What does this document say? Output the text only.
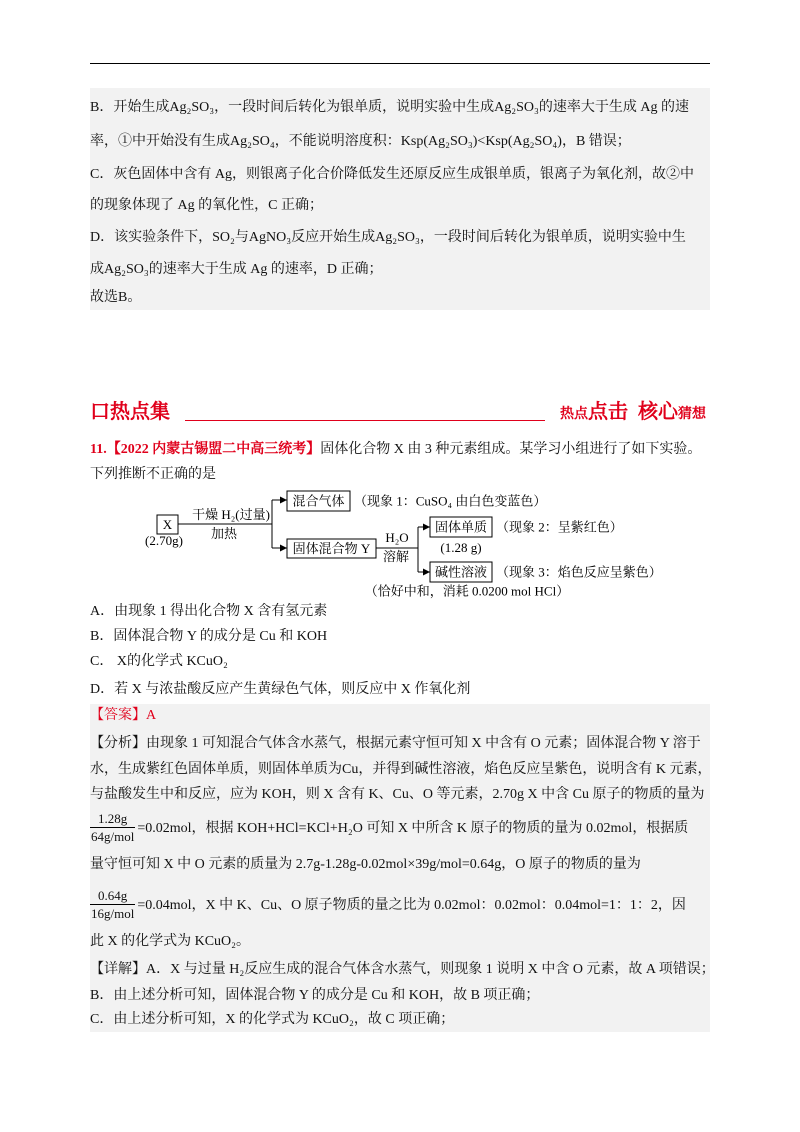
B．开始生成Ag₂SO₃，一段时间后转化为银单质，说明实验中生成Ag₂SO₃的速率大于生成 Ag 的速
率，①中开始没有生成Ag₂SO₄，不能说明溶度积：Ksp(Ag₂SO₃)<Ksp(Ag₂SO₄)，B 错误；
C．灰色固体中含有 Ag，则银离子化合价降低发生还原反应生成银单质，银离子为氧化剂，故②中
的现象体现了 Ag 的氧化性，C 正确；
D．该实验条件下，SO₂与AgNO₃反应开始生成Ag₂SO₃，一段时间后转化为银单质，说明实验中生
成Ag₂SO₃的速率大于生成 Ag 的速率，D 正确；
故选B。
口热点集	热点 点击 核心 猜想
11.【2022 内蒙古锡盟二中高三统考】固体化合物 X 由 3 种元素组成。某学习小组进行了如下实验。
下列推断不正确的是
X
(2.70g)
干燥 H₂(过量)
加热
混合气体 （现象 1：CuSO₄ 由白色变蓝色）
固体混合物 Y
H₂O
溶解
固体单质 （现象 2：呈紫红色）
(1.28 g)
碱性溶液 （现象 3：焰色反应呈紫色）
（恰好中和，消耗 0.0200 mol HCl）
A．由现象 1 得出化合物 X 含有氢元素
B．固体混合物 Y 的成分是 Cu 和 KOH
C． X的化学式 KCuO₂
D．若 X 与浓盐酸反应产生黄绿色气体，则反应中 X 作氧化剂
【答案】A
【分析】由现象 1 可知混合气体含水蒸气，根据元素守恒可知 X 中含有 O 元素；固体混合物 Y 溶于
水，生成紫红色固体单质，则固体单质为Cu，并得到碱性溶液，焰色反应呈紫色，说明含有 K 元素，
与盐酸发生中和反应，应为 KOH，则 X 含有 K、Cu、O 等元素，2.70g X 中含 Cu 原子的物质的量为
$\frac{1.28g}{\text{64g/mol}} =0.02mol$，根据 KOH+HCl=KCl+H₂O 可知 X 中所含 K 原子的物质的量为 0.02mol，根据质
量守恒可知 X 中 O 元素的质量为 2.7g-1.28g-0.02mol×39g/mol=0.64g，O 原子的物质的量为
$\frac{0.64g}{\text{16g/mol}} =0.04mol$，X 中 K、Cu、O 原子物质的量之比为 0.02mol：0.02mol：0.04mol=1：1：2，因
此 X 的化学式为 KCuO₂。
【详解】A．X 与过量 H₂反应生成的混合气体含水蒸气，则现象 1 说明 X 中含 O 元素，故 A 项错误；
B．由上述分析可知，固体混合物 Y 的成分是 Cu 和 KOH，故 B 项正确；
C．由上述分析可知，X 的化学式为 KCuO₂，故 C 项正确；
